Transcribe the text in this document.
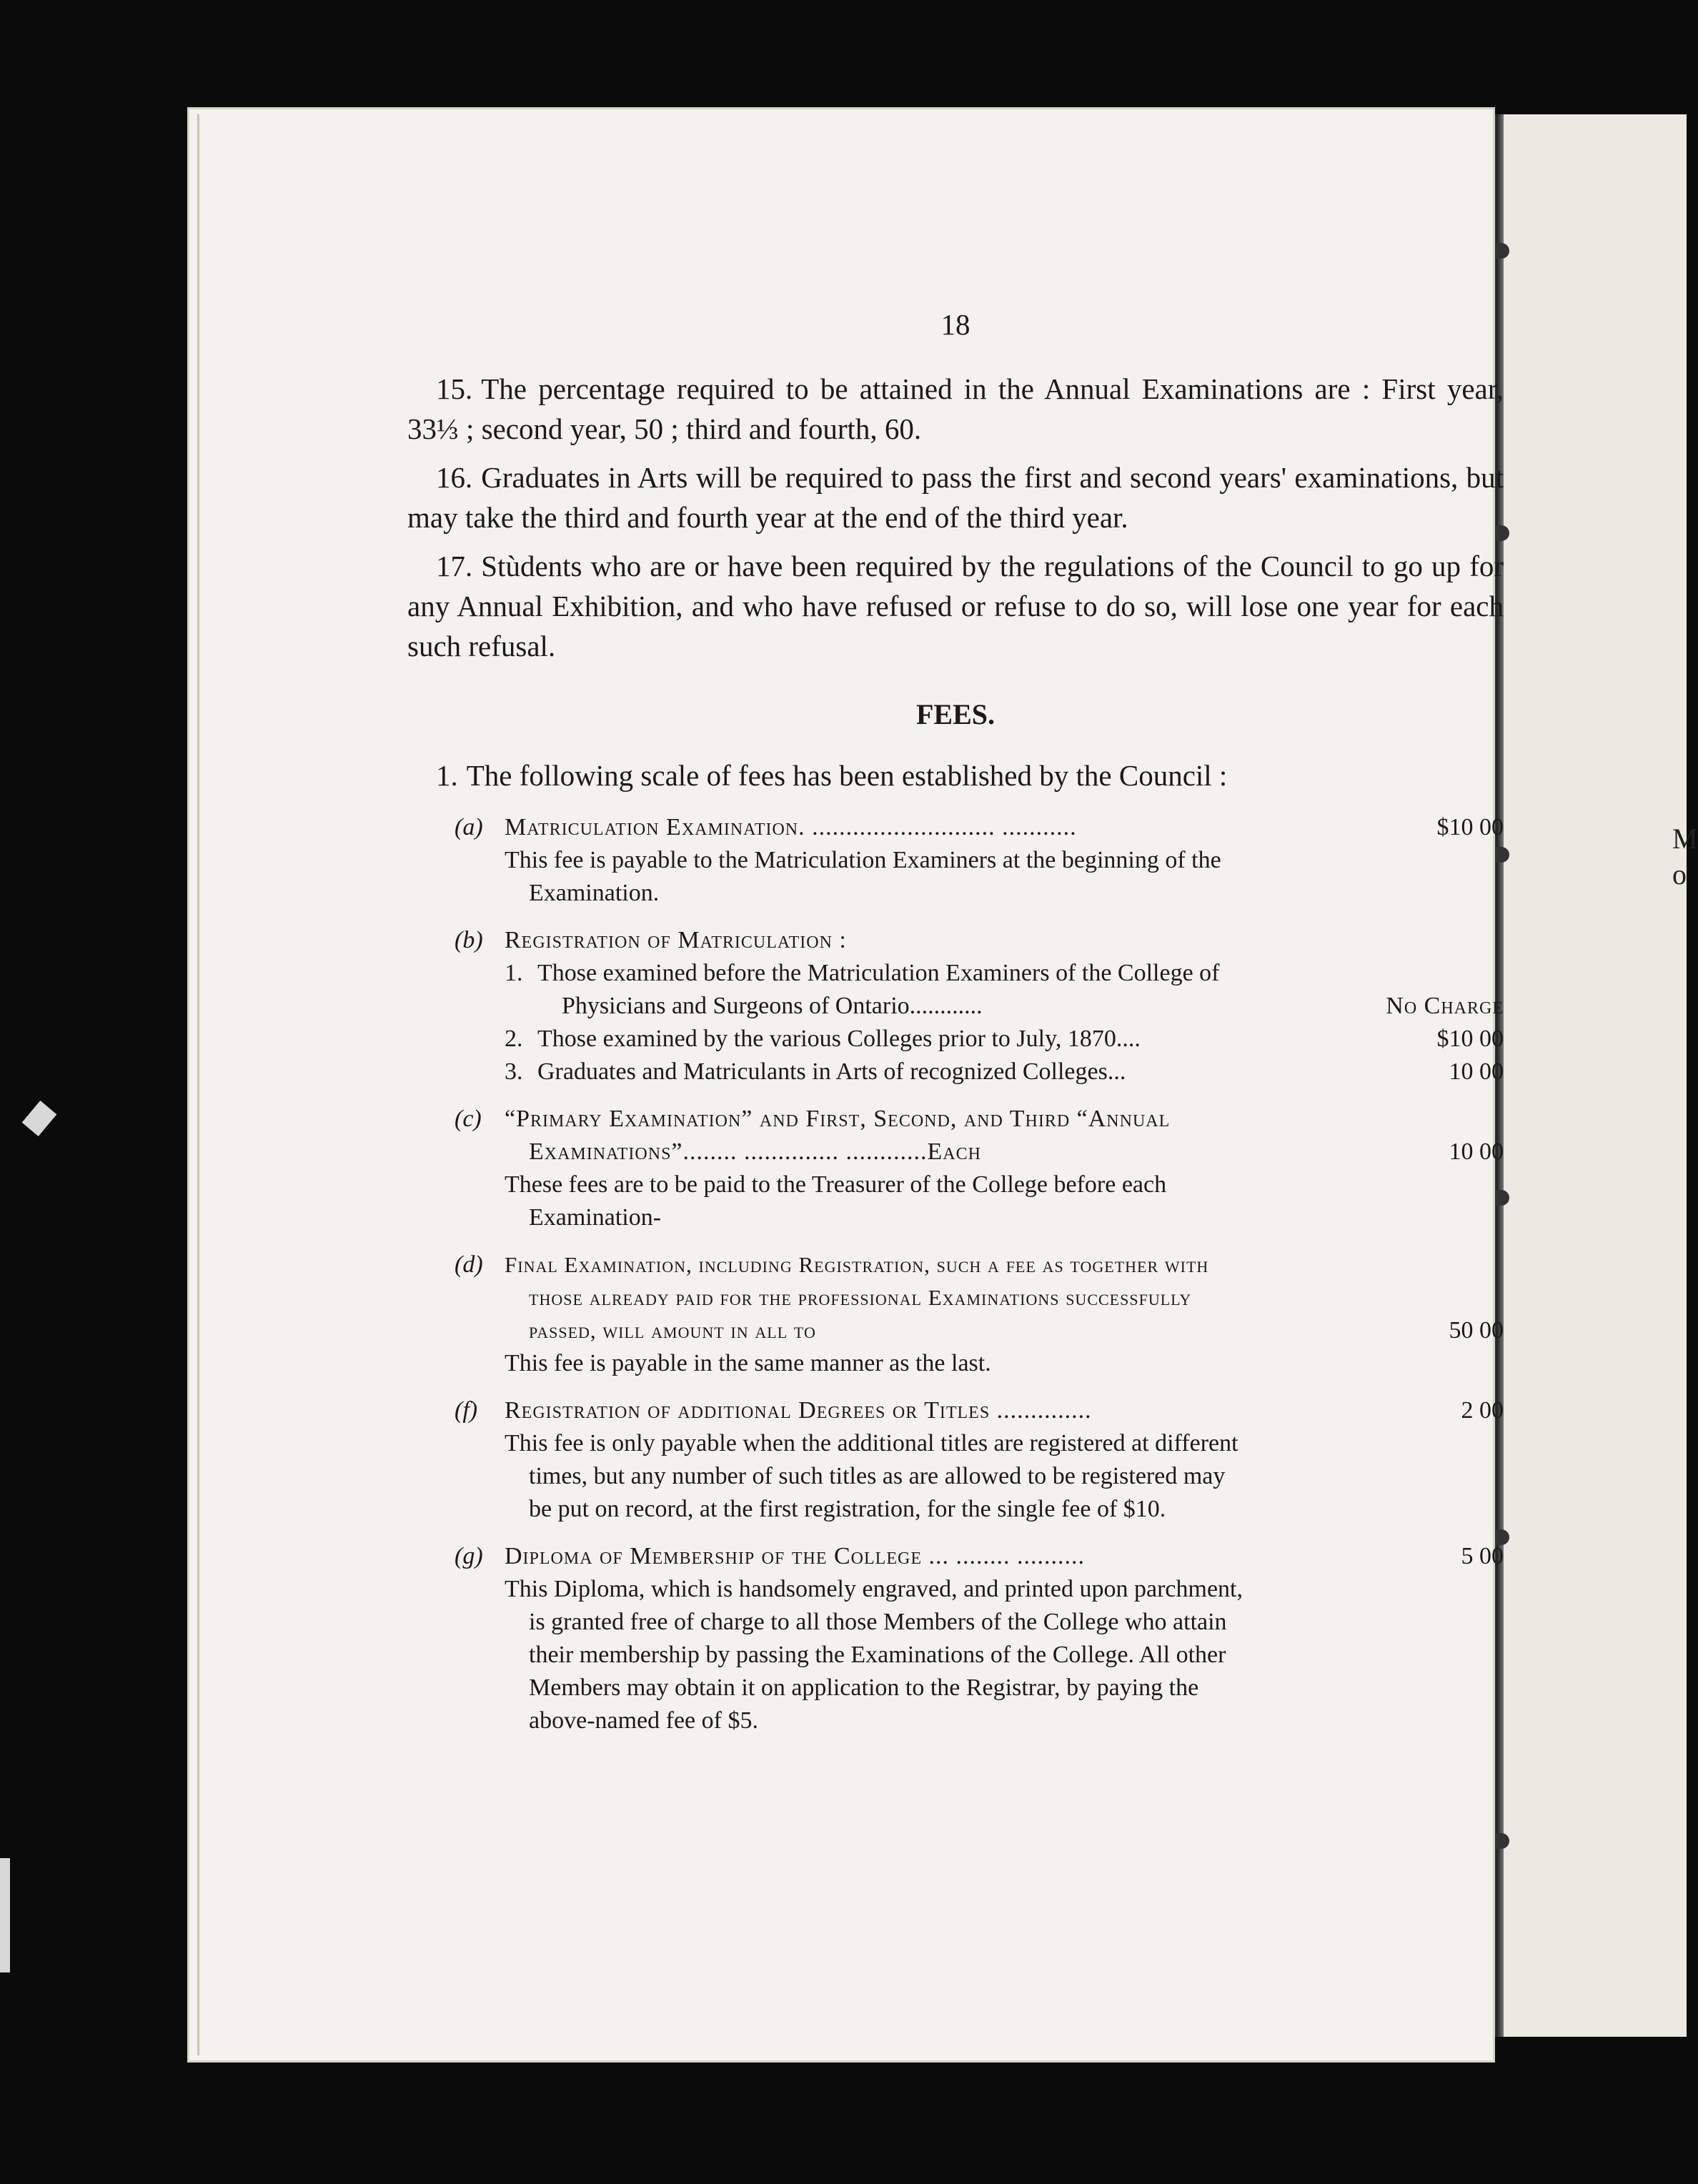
M
o
18

15. The percentage required to be attained in the Annual Examinations are : First year, 33⅓ ; second year, 50 ; third and fourth, 60.

16. Graduates in Arts will be required to pass the first and second years' examinations, but may take the third and fourth year at the end of the third year.

17. Stùdents who are or have been required by the regulations of the Council to go up for any Annual Exhibition, and who have refused or refuse to do so, will lose one year for each such refusal.

FEES.

1. The following scale of fees has been established by the Council :

(a) Matriculation Examination. ........................... ...........	$10 00
This fee is payable to the Matriculation Examiners at the beginning of the Examination.
(b) Registration of Matriculation :
1. Those examined before the Matriculation Examiners of the College of Physicians and Surgeons of Ontario............	No Charge
2. Those examined by the various Colleges prior to July, 1870....	$10 00
3. Graduates and Matriculants in Arts of recognized Colleges...	10 00
(c) “Primary Examination” and First, Second, and Third “Annual Examinations”........ .............. ............Each	10 00
These fees are to be paid to the Treasurer of the College before each Examination-
(d) Final Examination, including Registration, such a fee as together with those already paid for the professional Examinations successfully passed, will amount in all to	50 00
This fee is payable in the same manner as the last.
(f) Registration of additional Degrees or Titles ..............	2 00
This fee is only payable when the additional titles are registered at different times, but any number of such titles as are allowed to be registered may be put on record, at the first registration, for the single fee of $10.
(g) Diploma of Membership of the College ... ........ ..........	5 00
This Diploma, which is handsomely engraved, and printed upon parchment, is granted free of charge to all those Members of the College who attain their membership by passing the Examinations of the College. All other Members may obtain it on application to the Registrar, by paying the above-named fee of $5.
